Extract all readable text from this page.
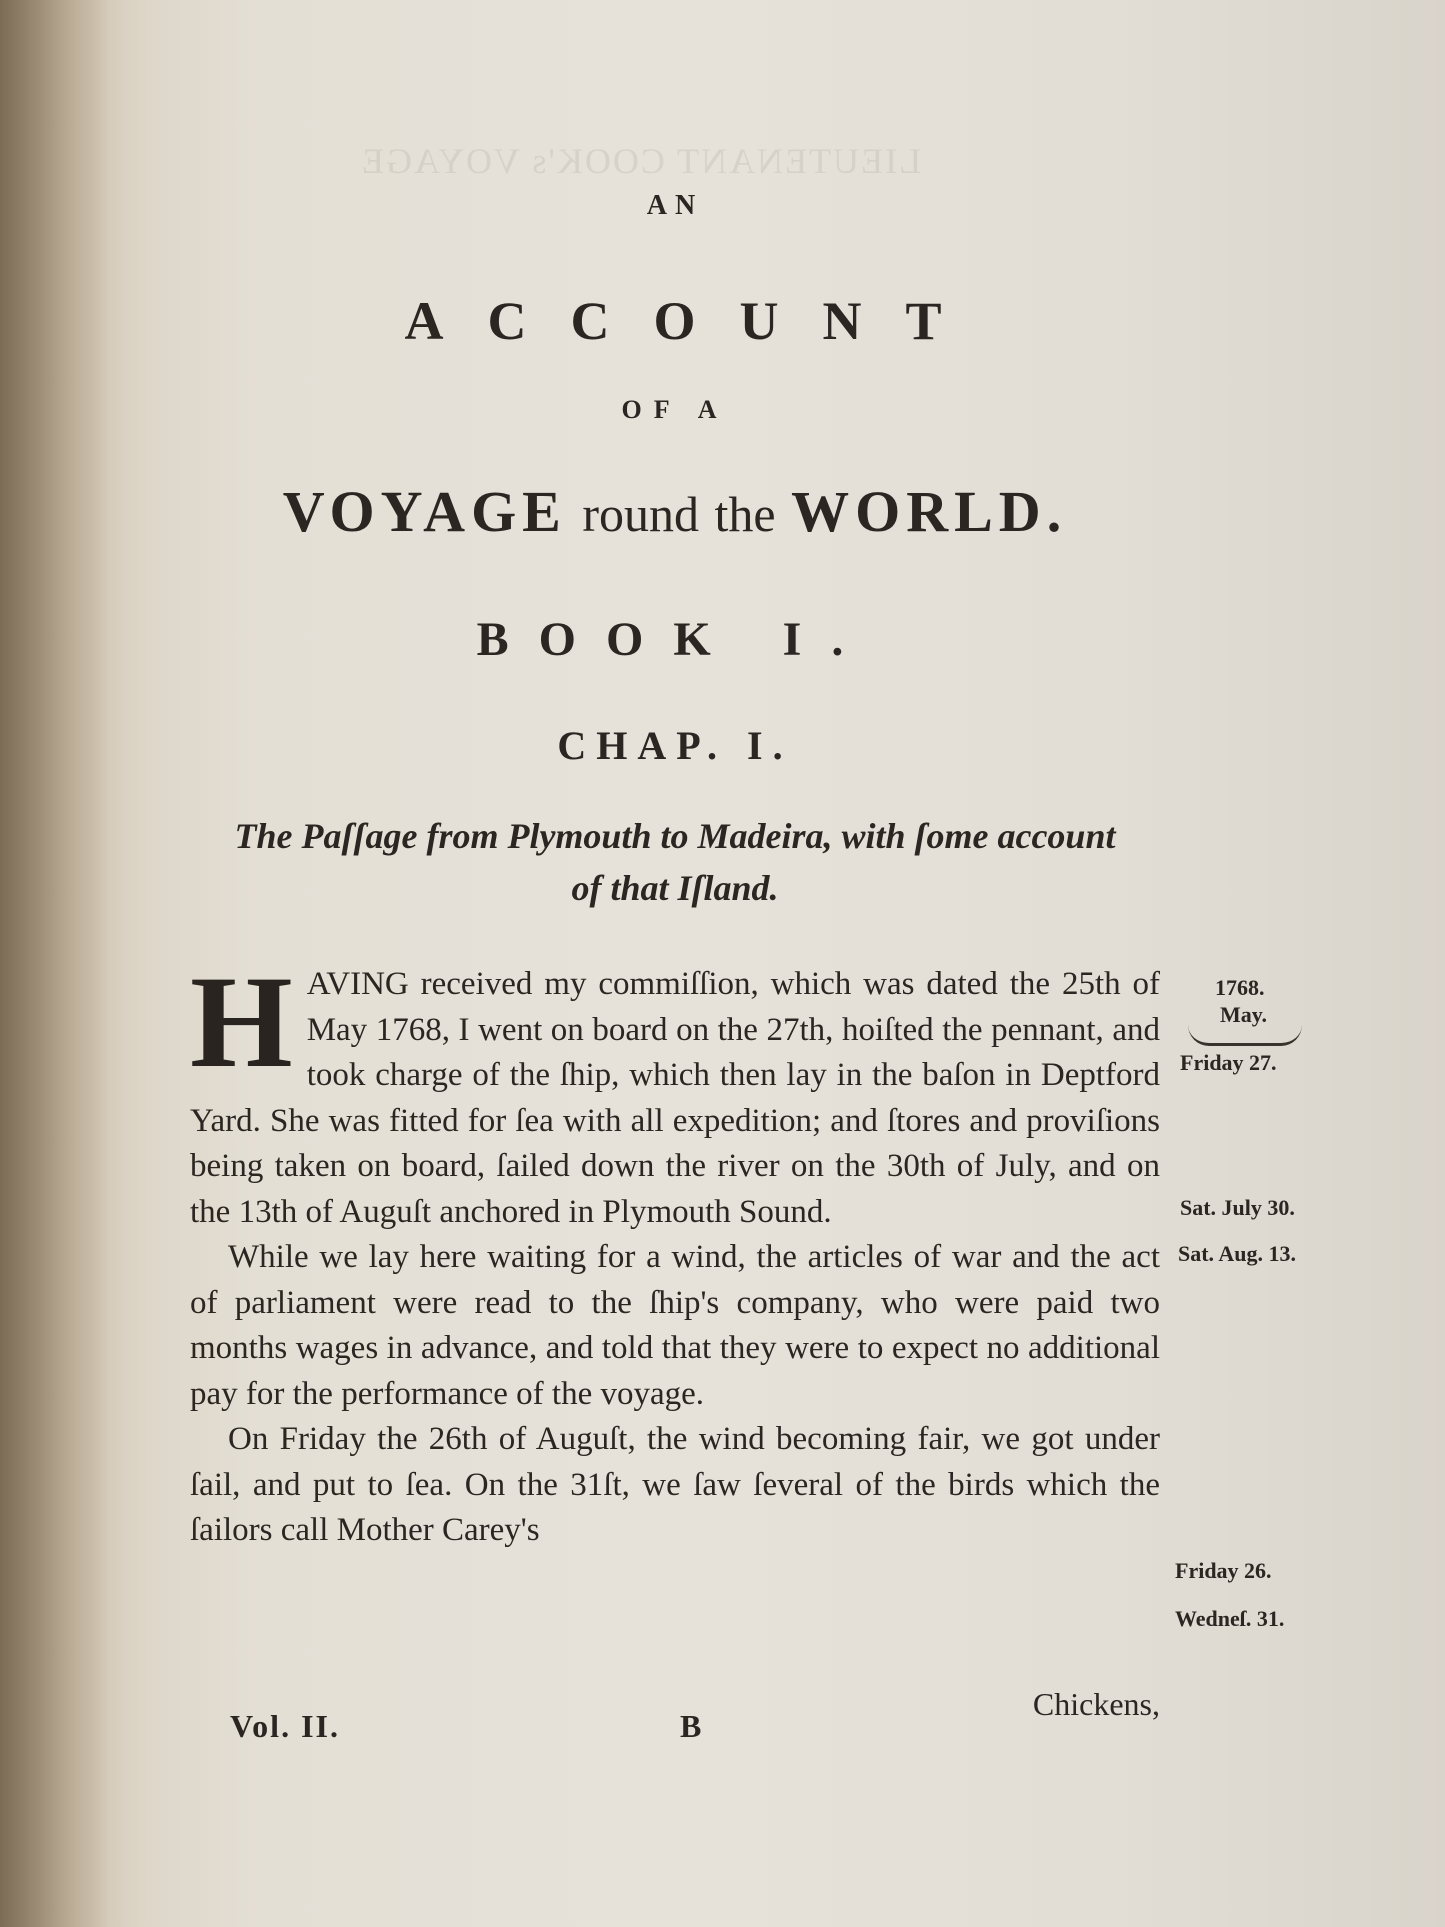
LIEUTENANT COOK's VOYAGE
AN
ACCOUNT
OF A
VOYAGE round the WORLD.
BOOK I.
CHAP. I.
The Paſſage from Plymouth to Madeira, with ſome account
of that Iſland.

H AVING received my commiſſion, which was dated the 25th of May 1768, I went on board on the 27th, hoiſted the pennant, and took charge of the ſhip, which then lay in the baſon in Deptford Yard. She was fitted for ſea with all expedition; and ſtores and proviſions being taken on board, ſailed down the river on the 30th of July, and on the 13th of Auguſt anchored in Plymouth Sound.

While we lay here waiting for a wind, the articles of war and the act of parliament were read to the ſhip's company, who were paid two months wages in advance, and told that they were to expect no additional pay for the performance of the voyage.

On Friday the 26th of Auguſt, the wind becoming fair, we got under ſail, and put to ſea. On the 31ſt, we ſaw ſeveral of the birds which the ſailors call Mother Carey's

1768.
May.
Friday 27.
Sat. July 30.
Sat. Aug. 13.
Friday 26.
Wedneſ. 31.
Vol. II.	B
Chickens,
